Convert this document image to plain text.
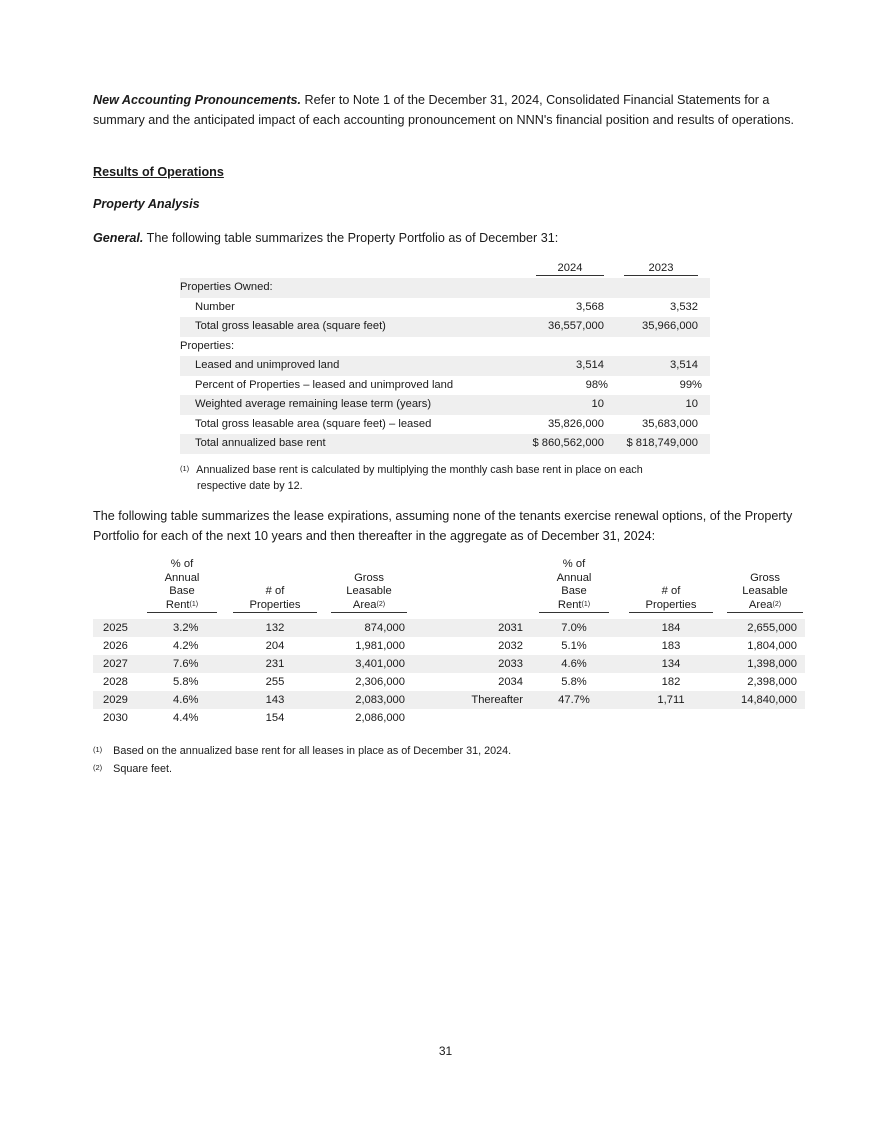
New Accounting Pronouncements. Refer to Note 1 of the December 31, 2024, Consolidated Financial Statements for a summary and the anticipated impact of each accounting pronouncement on NNN's financial position and results of operations.

Results of Operations

Property Analysis

General. The following table summarizes the Property Portfolio as of December 31:

2024	2023
Properties Owned:
Number	3,568	3,532
Total gross leasable area (square feet)	36,557,000	35,966,000
Properties:
Leased and unimproved land	3,514	3,514
Percent of Properties – leased and unimproved land	98%	99%
Weighted average remaining lease term (years)	10	10
Total gross leasable area (square feet) – leased	35,826,000	35,683,000
Total annualized base rent	$ 860,562,000 $ 818,749,000
$^{(1)}$ Annualized base rent is calculated by multiplying the monthly cash base rent in place on each
respective date by 12.

The following table summarizes the lease expirations, assuming none of the tenants exercise renewal options, of the Property Portfolio for each of the next 10 years and then thereafter in the aggregate as of December 31, 2024:

% of
Annual
Base
Rent$^{(1)}$
# of
Properties
Gross
Leasable
Area$^{(2)}$
% of
Annual
Base
Rent$^{(1)}$
# of
Properties
Gross
Leasable
Area$^{(2)}$
2025	3.2%	132	874,000	2031	7.0%	184	2,655,000
2026	4.2%	204	1,981,000	2032	5.1%	183	1,804,000
2027	7.6%	231	3,401,000	2033	4.6%	134	1,398,000
2028	5.8%	255	2,306,000	2034	5.8%	182	2,398,000
2029	4.6%	143	2,083,000	Thereafter	47.7%	1,711	14,840,000
2030	4.4%	154	2,086,000
$^{(1)}$ Based on the annualized base rent for all leases in place as of December 31, 2024.
$^{(2)}$ Square feet.
31
